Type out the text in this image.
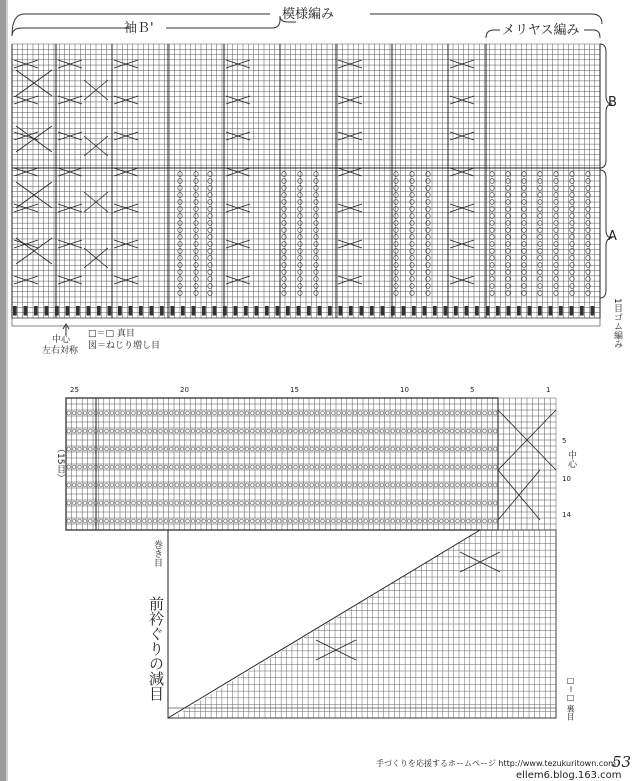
袖Ｂ'
模様編み
メリヤス編み
B
A
1目ゴム編み
中心
左右対称
□＝□ 真目
図＝ねじり増し目
（15目）
巻き目
前衿ぐりの減目
中心
□＝□ 裏目
25	20	15	10	5	1
5
10
14
手づくりを応援するホームページ http://www.tezukuritown.com
53
ellem6.blog.163.com
